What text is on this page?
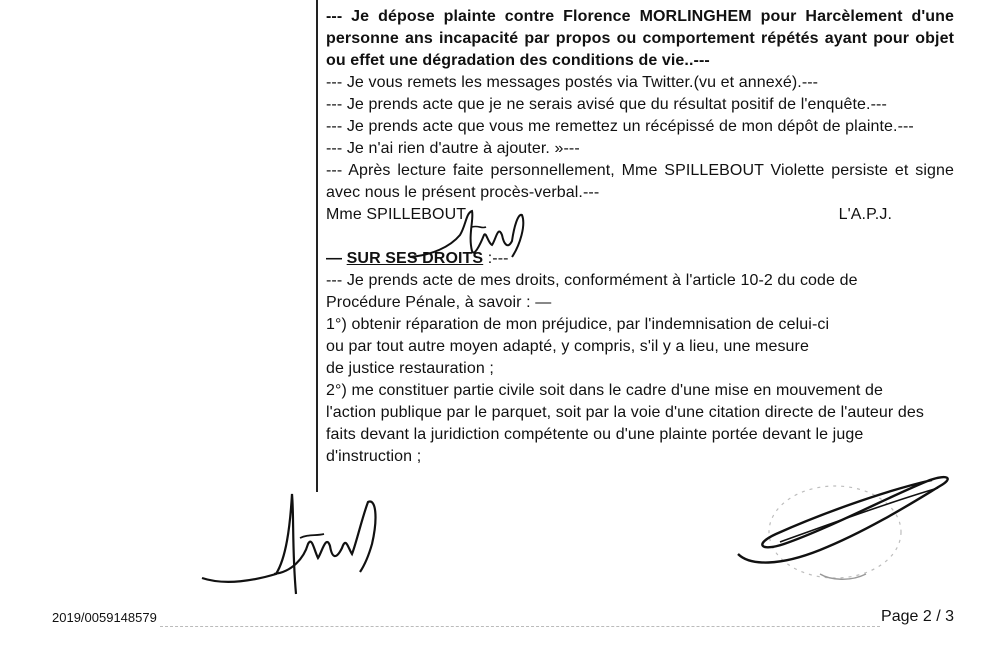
--- Je dépose plainte contre Florence MORLINGHEM pour Harcèlement d'une personne ans incapacité par propos ou comportement répétés ayant pour objet ou effet une dégradation des conditions de vie..---

--- Je vous remets les messages postés via Twitter.(vu et annexé).---

--- Je prends acte que je ne serais avisé que du résultat positif de l'enquête.---

--- Je prends acte que vous me remettez un récépissé de mon dépôt de plainte.---

--- Je n'ai rien d'autre à ajouter. »---

--- Après lecture faite personnellement, Mme SPILLEBOUT Violette persiste et signe avec nous le présent procès-verbal.---

Mme SPILLEBOUT	L'A.P.J.

— SUR SES DROITS :---

--- Je prends acte de mes droits, conformément à l'article 10-2 du code de

Procédure Pénale, à savoir : —

1°) obtenir réparation de mon préjudice, par l'indemnisation de celui-ci

ou par tout autre moyen adapté, y compris, s'il y a lieu, une mesure

de justice restauration ;

2°) me constituer partie civile soit dans le cadre d'une mise en mouvement de

l'action publique par le parquet, soit par la voie d'une citation directe de l'auteur des

faits devant la juridiction compétente ou d'une plainte portée devant le juge

d'instruction ;

2019/0059148579	Page 2 / 3
